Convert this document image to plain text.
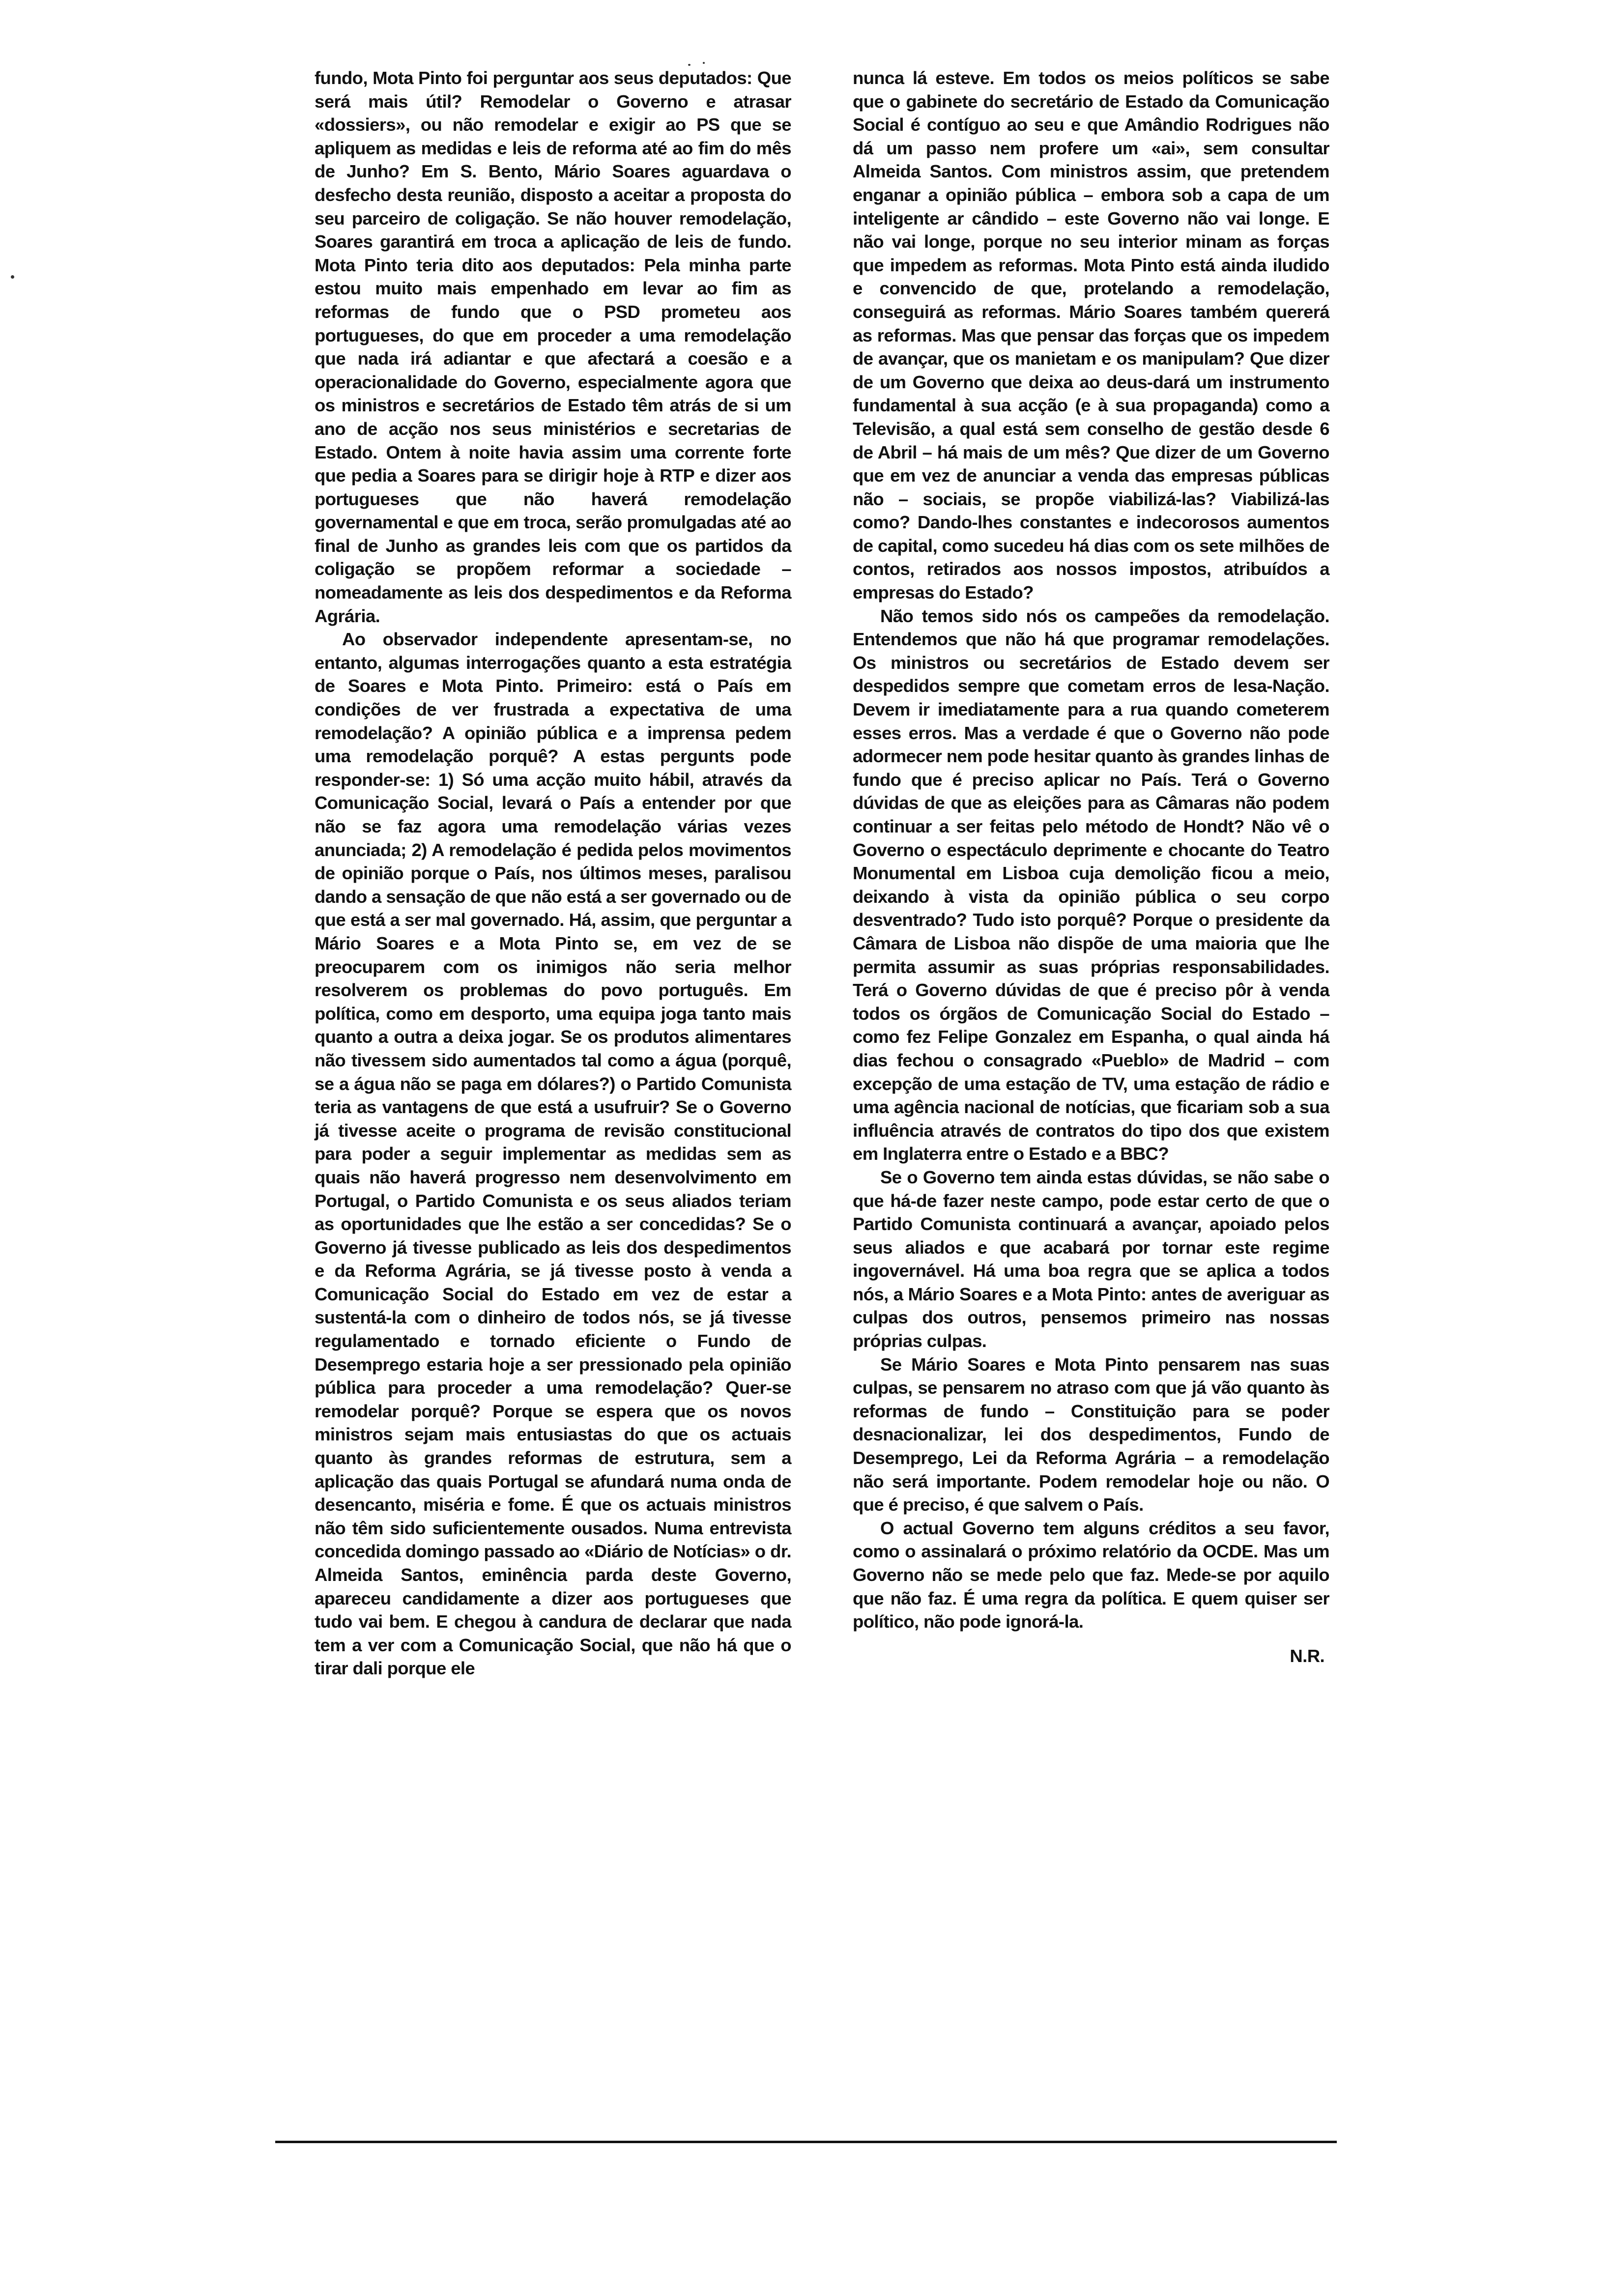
fundo, Mota Pinto foi perguntar aos seus deputados: Que será mais útil? Remodelar o Governo e atrasar «dossiers», ou não remodelar e exigir ao PS que se apliquem as medidas e leis de reforma até ao fim do mês de Junho? Em S. Bento, Mário Soares aguardava o desfecho desta reunião, disposto a aceitar a proposta do seu parceiro de coligação. Se não houver remodelação, Soares garantirá em troca a aplicação de leis de fundo. Mota Pinto teria dito aos deputados: Pela minha parte estou muito mais empenhado em levar ao fim as reformas de fundo que o PSD prometeu aos portugueses, do que em proceder a uma remodelação que nada irá adiantar e que afectará a coesão e a operacionalidade do Governo, especialmente agora que os ministros e secretários de Estado têm atrás de si um ano de acção nos seus ministérios e secretarias de Estado. Ontem à noite havia assim uma corrente forte que pedia a Soares para se dirigir hoje à RTP e dizer aos portugueses que não haverá remodelação governamental e que em troca, serão promulgadas até ao final de Junho as grandes leis com que os partidos da coligação se propõem reformar a sociedade – nomeadamente as leis dos despedimentos e da Reforma Agrária.

Ao observador independente apresentam-se, no entanto, algumas interrogações quanto a esta estratégia de Soares e Mota Pinto. Primeiro: está o País em condições de ver frustrada a expectativa de uma remodelação? A opinião pública e a imprensa pedem uma remodelação porquê? A estas pergunts pode responder-se: 1) Só uma acção muito hábil, através da Comunicação Social, levará o País a entender por que não se faz agora uma remodelação várias vezes anunciada; 2) A remodelação é pedida pelos movimentos de opinião porque o País, nos últimos meses, paralisou dando a sensação de que não está a ser governado ou de que está a ser mal governado. Há, assim, que perguntar a Mário Soares e a Mota Pinto se, em vez de se preocuparem com os inimigos não seria melhor resolverem os problemas do povo português. Em política, como em desporto, uma equipa joga tanto mais quanto a outra a deixa jogar. Se os produtos alimentares não tivessem sido aumentados tal como a água (porquê, se a água não se paga em dólares?) o Partido Comunista teria as vantagens de que está a usufruir? Se o Governo já tivesse aceite o programa de revisão constitucional para poder a seguir implementar as medidas sem as quais não haverá progresso nem desenvolvimento em Portugal, o Partido Comunista e os seus aliados teriam as oportunidades que lhe estão a ser concedidas? Se o Governo já tivesse publicado as leis dos despedimentos e da Reforma Agrária, se já tivesse posto à venda a Comunicação Social do Estado em vez de estar a sustentá-la com o dinheiro de todos nós, se já tivesse regulamentado e tornado eficiente o Fundo de Desemprego estaria hoje a ser pressionado pela opinião pública para proceder a uma remodelação? Quer-se remodelar porquê? Porque se espera que os novos ministros sejam mais entusiastas do que os actuais quanto às grandes reformas de estrutura, sem a aplicação das quais Portugal se afundará numa onda de desencanto, miséria e fome. É que os actuais ministros não têm sido suficientemente ousados. Numa entrevista concedida domingo passado ao «Diário de Notícias» o dr. Almeida Santos, eminência parda deste Governo, apareceu candidamente a dizer aos portugueses que tudo vai bem. E chegou à candura de declarar que nada tem a ver com a Comunicação Social, que não há que o tirar dali porque ele

nunca lá esteve. Em todos os meios políticos se sabe que o gabinete do secretário de Estado da Comunicação Social é contíguo ao seu e que Amândio Rodrigues não dá um passo nem profere um «ai», sem consultar Almeida Santos. Com ministros assim, que pretendem enganar a opinião pública – embora sob a capa de um inteligente ar cândido – este Governo não vai longe. E não vai longe, porque no seu interior minam as forças que impedem as reformas. Mota Pinto está ainda iludido e convencido de que, protelando a remodelação, conseguirá as reformas. Mário Soares também quererá as reformas. Mas que pensar das forças que os impedem de avançar, que os manietam e os manipulam? Que dizer de um Governo que deixa ao deus-dará um instrumento fundamental à sua acção (e à sua propaganda) como a Televisão, a qual está sem conselho de gestão desde 6 de Abril – há mais de um mês? Que dizer de um Governo que em vez de anunciar a venda das empresas públicas não – sociais, se propõe viabilizá-las? Viabilizá-las como? Dando-lhes constantes e indecorosos aumentos de capital, como sucedeu há dias com os sete milhões de contos, retirados aos nossos impostos, atribuídos a empresas do Estado?

Não temos sido nós os campeões da remodelação. Entendemos que não há que programar remodelações. Os ministros ou secretários de Estado devem ser despedidos sempre que cometam erros de lesa-Nação. Devem ir imediatamente para a rua quando cometerem esses erros. Mas a verdade é que o Governo não pode adormecer nem pode hesitar quanto às grandes linhas de fundo que é preciso aplicar no País. Terá o Governo dúvidas de que as eleições para as Câmaras não podem continuar a ser feitas pelo método de Hondt? Não vê o Governo o espectáculo deprimente e chocante do Teatro Monumental em Lisboa cuja demolição ficou a meio, deixando à vista da opinião pública o seu corpo desventrado? Tudo isto porquê? Porque o presidente da Câmara de Lisboa não dispõe de uma maioria que lhe permita assumir as suas próprias responsabilidades. Terá o Governo dúvidas de que é preciso pôr à venda todos os órgãos de Comunicação Social do Estado – como fez Felipe Gonzalez em Espanha, o qual ainda há dias fechou o consagrado «Pueblo» de Madrid – com excepção de uma estação de TV, uma estação de rádio e uma agência nacional de notícias, que ficariam sob a sua influência através de contratos do tipo dos que existem em Inglaterra entre o Estado e a BBC?

Se o Governo tem ainda estas dúvidas, se não sabe o que há-de fazer neste campo, pode estar certo de que o Partido Comunista continuará a avançar, apoiado pelos seus aliados e que acabará por tornar este regime ingovernável. Há uma boa regra que se aplica a todos nós, a Mário Soares e a Mota Pinto: antes de averiguar as culpas dos outros, pensemos primeiro nas nossas próprias culpas.

Se Mário Soares e Mota Pinto pensarem nas suas culpas, se pensarem no atraso com que já vão quanto às reformas de fundo – Constituição para se poder desnacionalizar, lei dos despedimentos, Fundo de Desemprego, Lei da Reforma Agrária – a remodelação não será importante. Podem remodelar hoje ou não. O que é preciso, é que salvem o País.

O actual Governo tem alguns créditos a seu favor, como o assinalará o próximo relatório da OCDE. Mas um Governo não se mede pelo que faz. Mede-se por aquilo que não faz. É uma regra da política. E quem quiser ser político, não pode ignorá-la.

N.R.
